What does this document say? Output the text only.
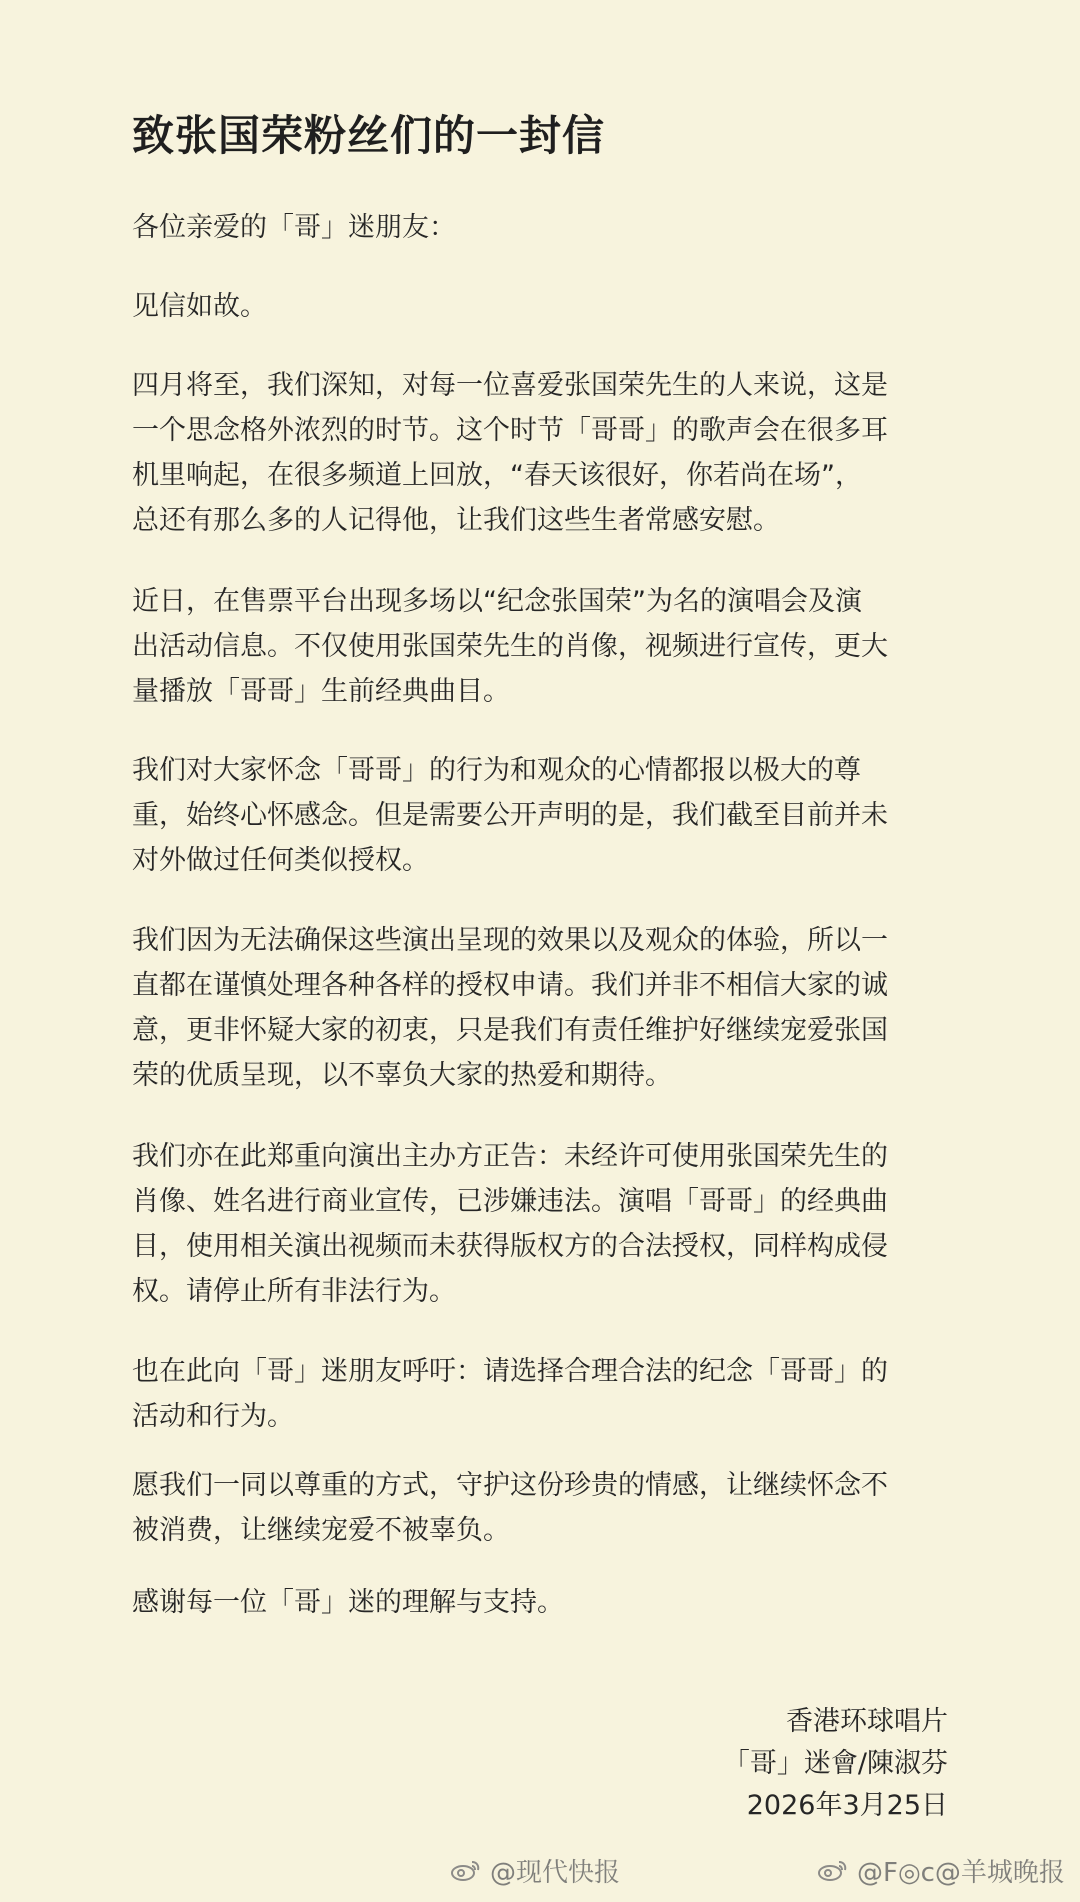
致张国荣粉丝们的一封信

各位亲爱的「哥」迷朋友：

见信如故。

四月将至，我们深知，对每一位喜爱张国荣先生的人来说，这是
一个思念格外浓烈的时节。这个时节「哥哥」的歌声会在很多耳
机里响起，在很多频道上回放，“春天该很好，你若尚在场”，
总还有那么多的人记得他，让我们这些生者常感安慰。
近日，在售票平台出现多场以“纪念张国荣”为名的演唱会及演
出活动信息。不仅使用张国荣先生的肖像，视频进行宣传，更大
量播放「哥哥」生前经典曲目。
我们对大家怀念「哥哥」的行为和观众的心情都报以极大的尊
重，始终心怀感念。但是需要公开声明的是，我们截至目前并未
对外做过任何类似授权。
我们因为无法确保这些演出呈现的效果以及观众的体验，所以一
直都在谨慎处理各种各样的授权申请。我们并非不相信大家的诚
意，更非怀疑大家的初衷，只是我们有责任维护好继续宠爱张国
荣的优质呈现，以不辜负大家的热爱和期待。
我们亦在此郑重向演出主办方正告：未经许可使用张国荣先生的
肖像、姓名进行商业宣传，已涉嫌违法。演唱「哥哥」的经典曲
目，使用相关演出视频而未获得版权方的合法授权，同样构成侵
权。请停止所有非法行为。
也在此向「哥」迷朋友呼吁：请选择合理合法的纪念「哥哥」的
活动和行为。
愿我们一同以尊重的方式，守护这份珍贵的情感，让继续怀念不
被消费，让继续宠爱不被辜负。
感谢每一位「哥」迷的理解与支持。
香港环球唱片
「哥」迷會/陳淑芬
2026年3月25日
@现代快报	@F◎c@羊城晚报
